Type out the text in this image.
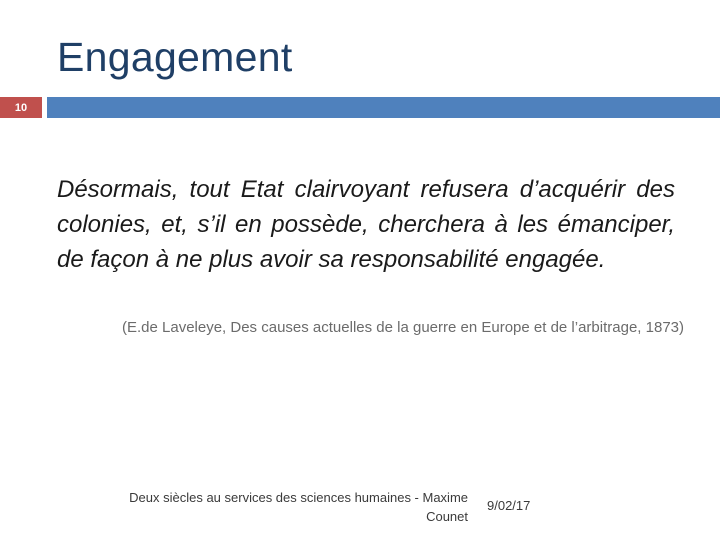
Engagement
10
Désormais, tout Etat clairvoyant refusera d’acquérir des colonies, et, s’il en possède, cherchera à les émanciper, de façon à ne plus avoir sa responsabilité engagée.
(E.de Laveleye, Des causes actuelles de la guerre en Europe et de l’arbitrage, 1873)
Deux siècles au services des sciences humaines - Maxime Counet
9/02/17
